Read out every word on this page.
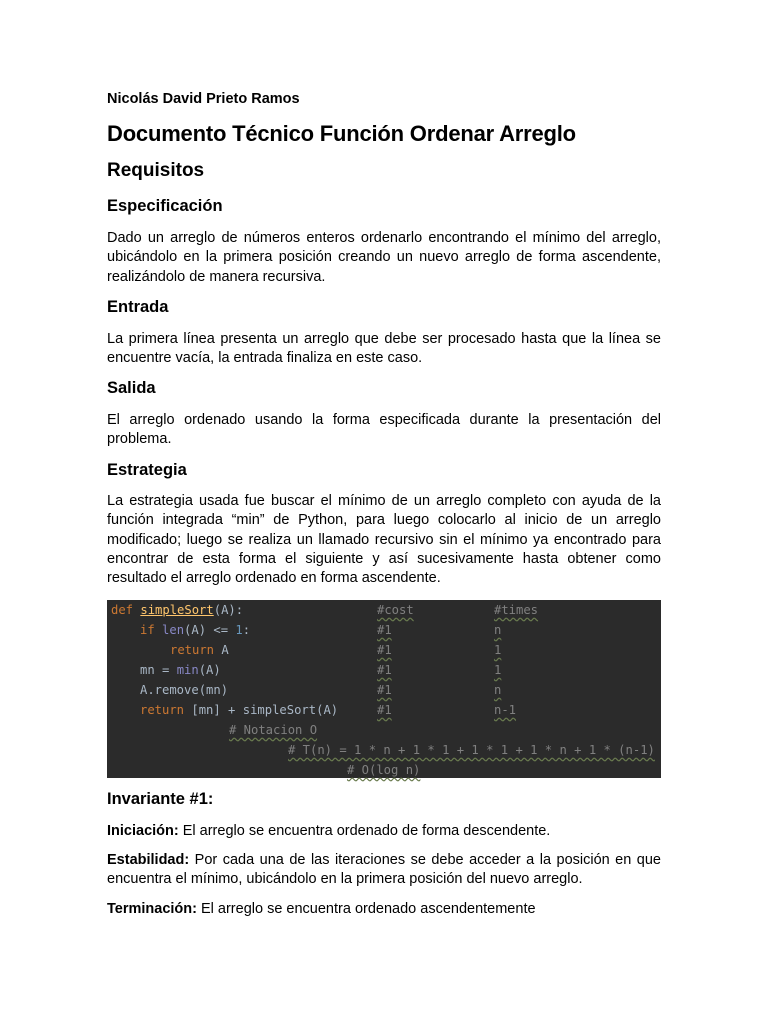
Nicolás David Prieto Ramos
Documento Técnico Función Ordenar Arreglo
Requisitos
Especificación
Dado un arreglo de números enteros ordenarlo encontrando el mínimo del arreglo, ubicándolo en la primera posición creando un nuevo arreglo de forma ascendente, realizándolo de manera recursiva.
Entrada
La primera línea presenta un arreglo que debe ser procesado hasta que la línea se encuentre vacía, la entrada finaliza en este caso.
Salida
El arreglo ordenado usando la forma especificada durante la presentación del problema.
Estrategia
La estrategia usada fue buscar el mínimo de un arreglo completo con ayuda de la función integrada “min” de Python, para luego colocarlo al inicio de un arreglo modificado; luego se realiza un llamado recursivo sin el mínimo ya encontrado para encontrar de esta forma el siguiente y así sucesivamente hasta obtener como resultado el arreglo ordenado en forma ascendente.
def simpleSort(A):	#cost	#times
if len(A) <= 1:	#1	n
return A	#1	1
mn = min(A)	#1	1
A.remove(mn)	#1	n
return [mn] + simpleSort(A)	#1	n-1
# Notacion O
# T(n) = 1 * n + 1 * 1 + 1 * 1 + 1 * n + 1 * (n-1)
# O(log n)
Invariante #1:
Iniciación: El arreglo se encuentra ordenado de forma descendente.
Estabilidad: Por cada una de las iteraciones se debe acceder a la posición en que encuentra el mínimo, ubicándolo en la primera posición del nuevo arreglo.
Terminación: El arreglo se encuentra ordenado ascendentemente
